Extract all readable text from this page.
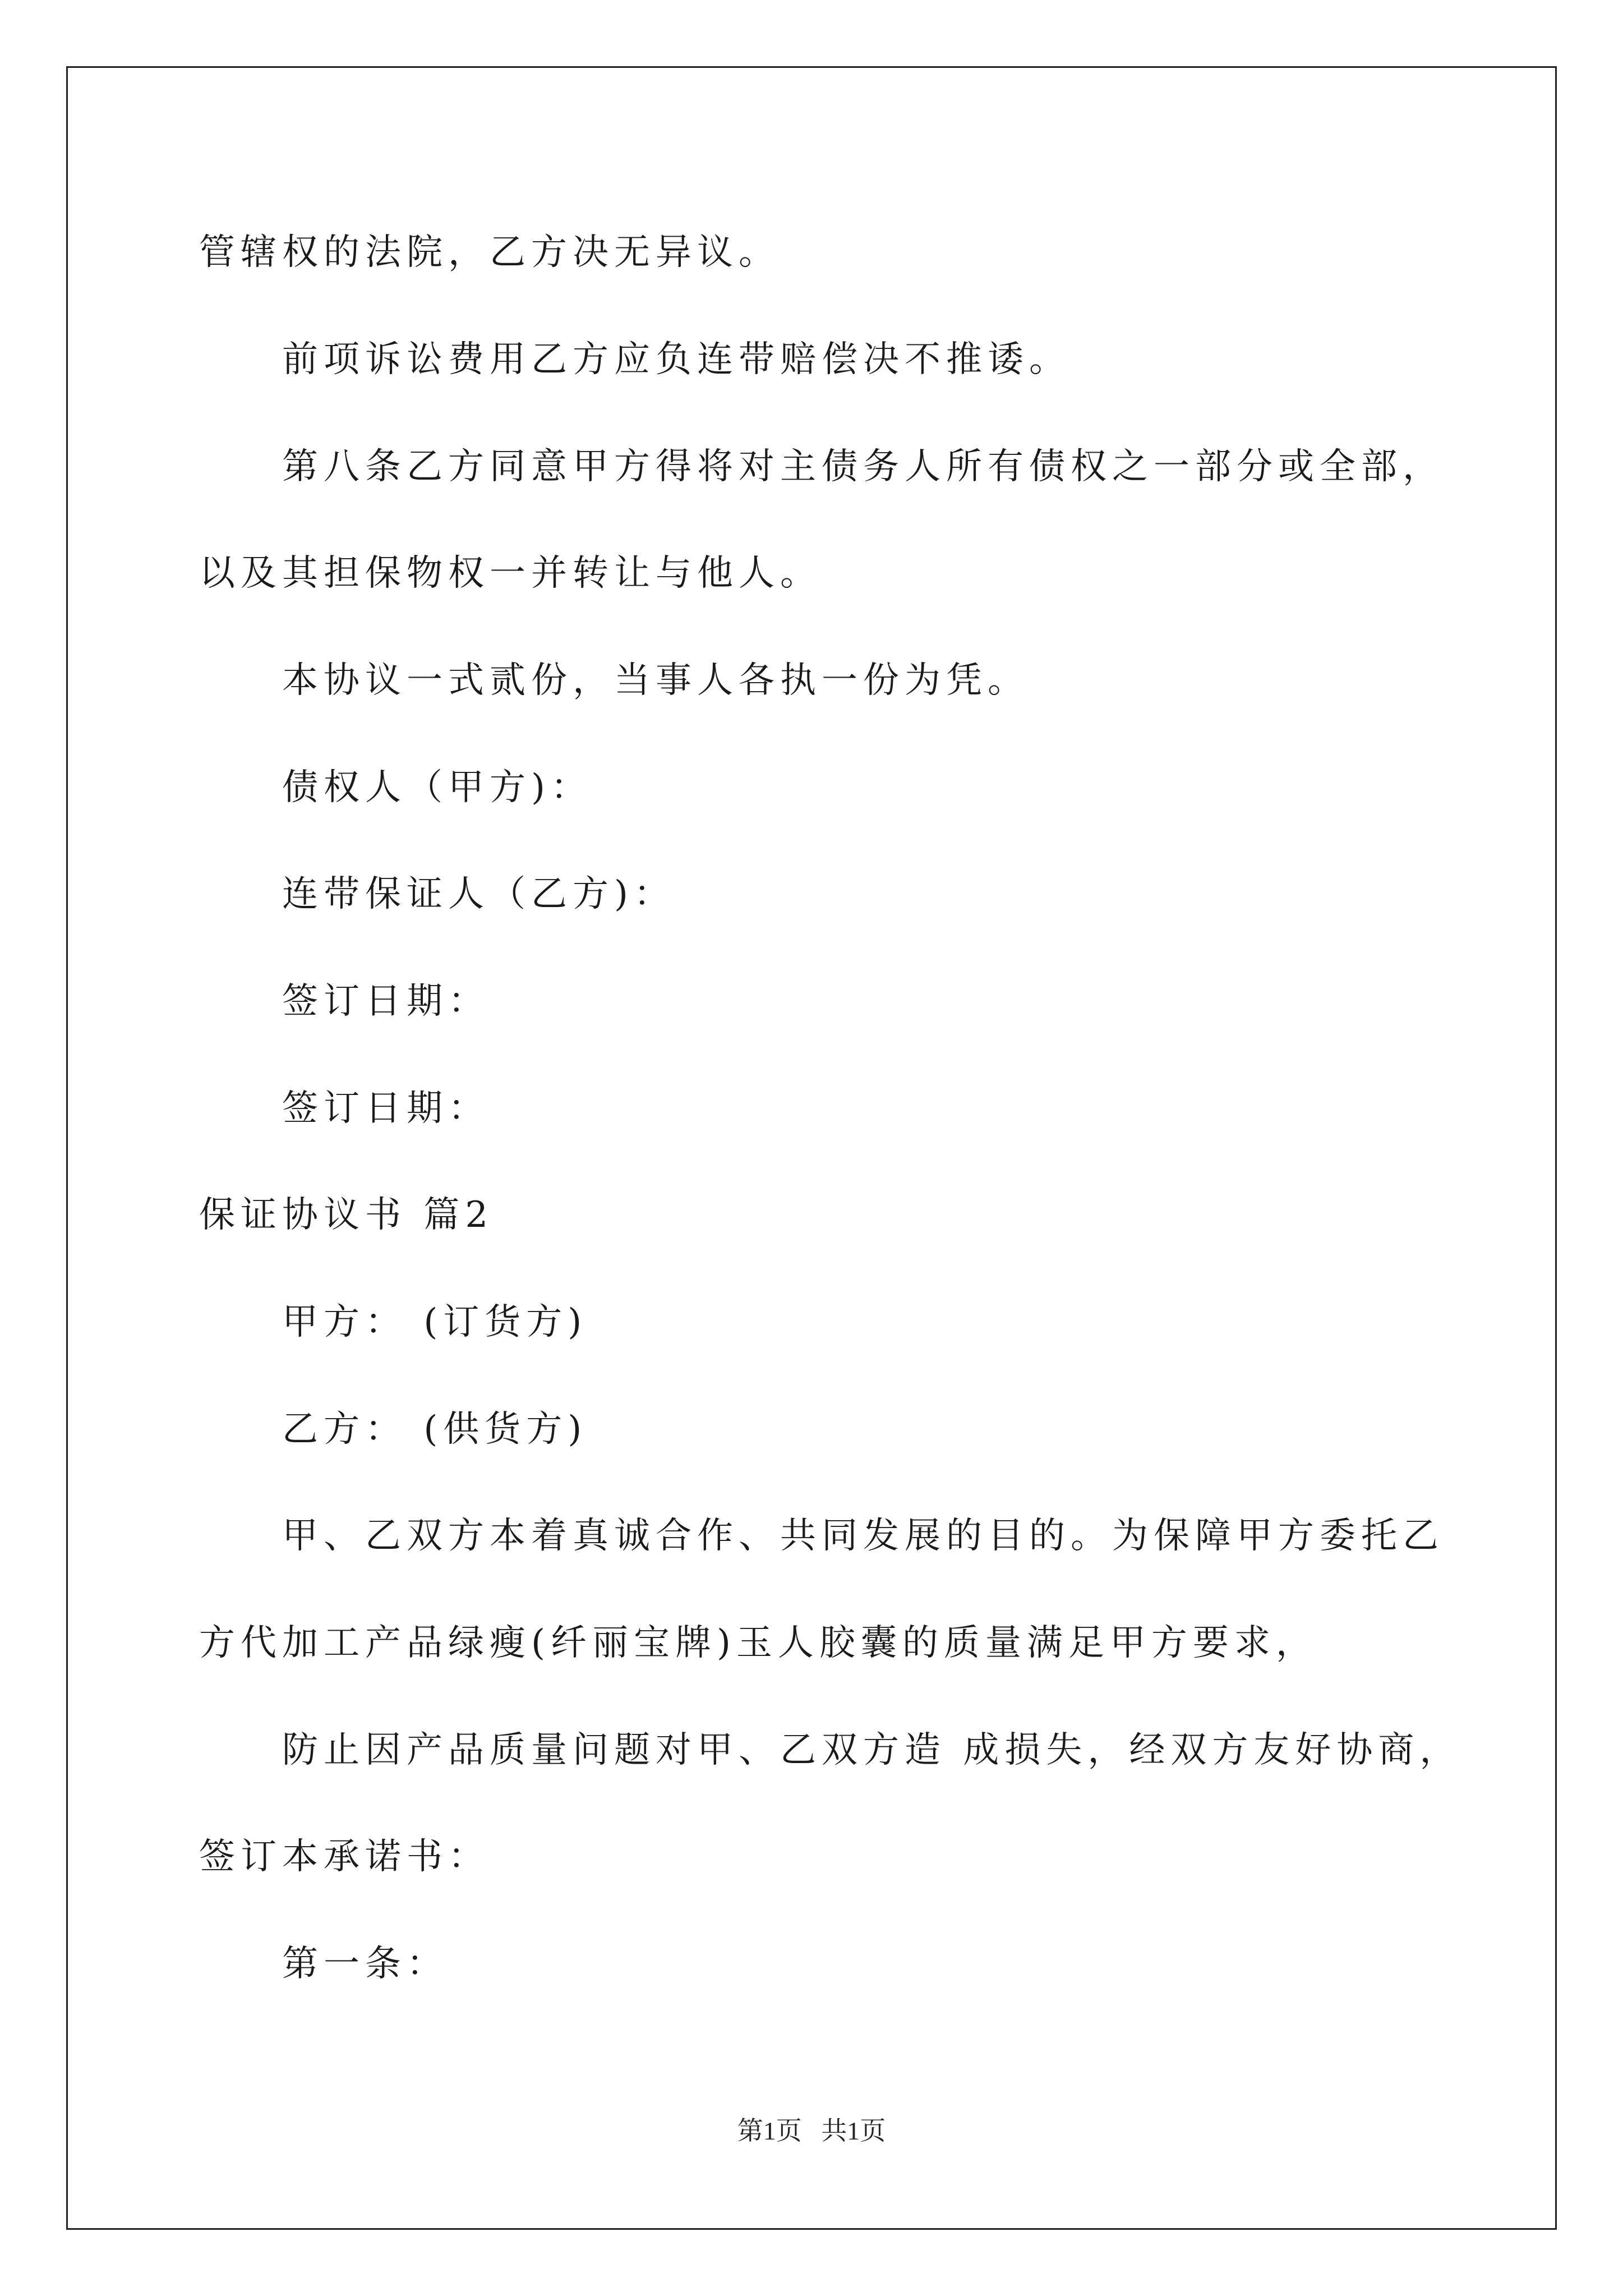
管辖权的法院，乙方决无异议。
前项诉讼费用乙方应负连带赔偿决不推诿。
第八条乙方同意甲方得将对主债务人所有债权之一部分或全部，
以及其担保物权一并转让与他人。
本协议一式贰份，当事人各执一份为凭。
债权人（甲方)：
连带保证人（乙方)：
签订日期：
签订日期：
保证协议书 篇2
甲方： (订货方)
乙方： (供货方)
甲、乙双方本着真诚合作、共同发展的目的。为保障甲方委托乙
方代加工产品绿瘦(纤丽宝牌)玉人胶囊的质量满足甲方要求，
防止因产品质量问题对甲、乙双方造 成损失，经双方友好协商，
签订本承诺书：
第一条：
第1页   共1页
